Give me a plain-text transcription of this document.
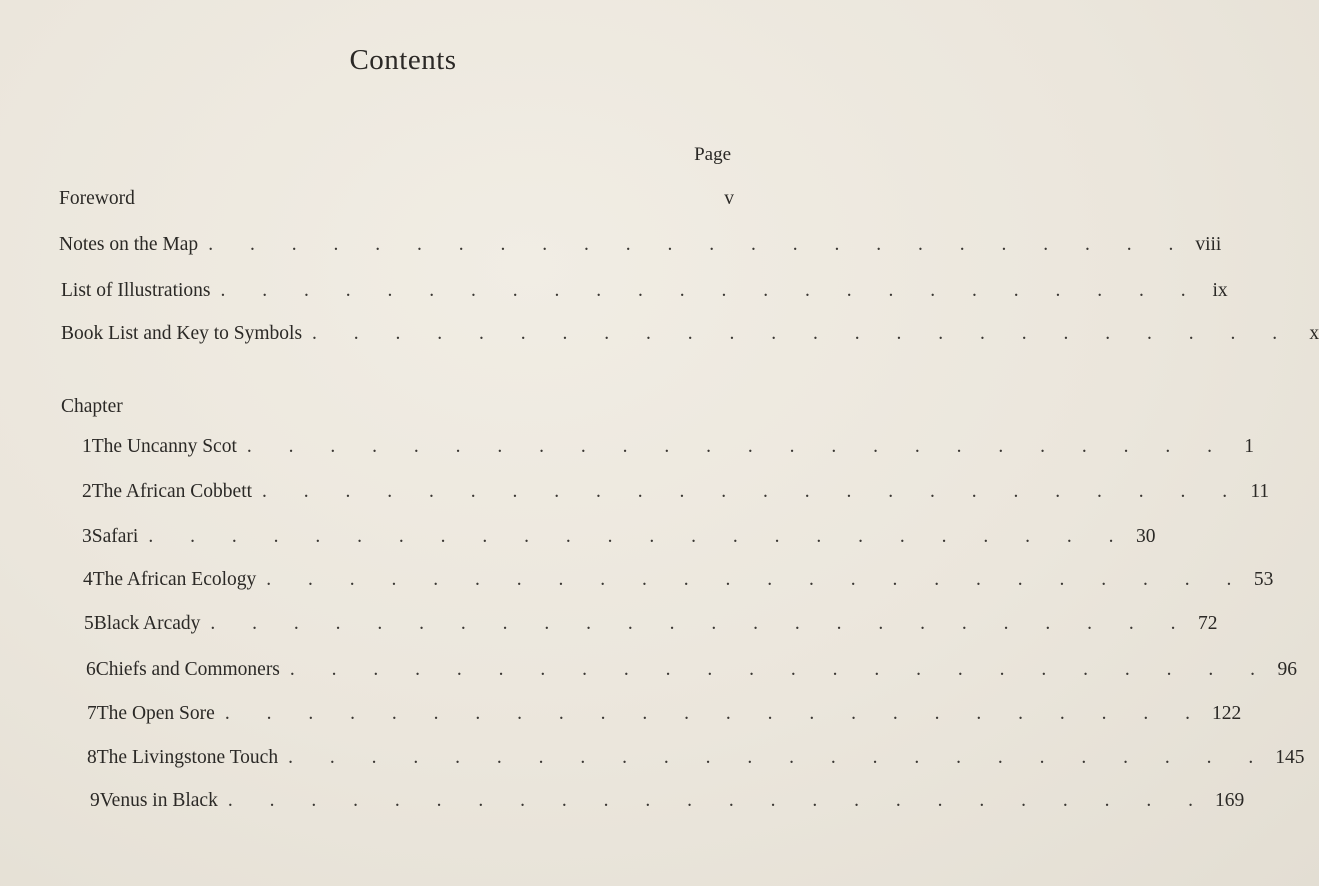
Contents
Page
Foreword	v
Notes on the Map . . . . . . . . . . . . . . . . . . . . . . . . viii
List of Illustrations . . . . . . . . . . . . . . . . . . . . . . . . ix
Book List and Key to Symbols . . . . . . . . . . . . . . . . . . . . . . . . x
Chapter
1 The Uncanny Scot . . . . . . . . . . . . . . . . . . . . . . . . 1
2 The African Cobbett . . . . . . . . . . . . . . . . . . . . . . . . 11
3 Safari . . . . . . . . . . . . . . . . . . . . . . . . 30
4 The African Ecology . . . . . . . . . . . . . . . . . . . . . . . . 53
5 Black Arcady . . . . . . . . . . . . . . . . . . . . . . . . 72
6 Chiefs and Commoners . . . . . . . . . . . . . . . . . . . . . . . . 96
7 The Open Sore . . . . . . . . . . . . . . . . . . . . . . . . 122
8 The Livingstone Touch . . . . . . . . . . . . . . . . . . . . . . . . 145
9 Venus in Black . . . . . . . . . . . . . . . . . . . . . . . . 169
